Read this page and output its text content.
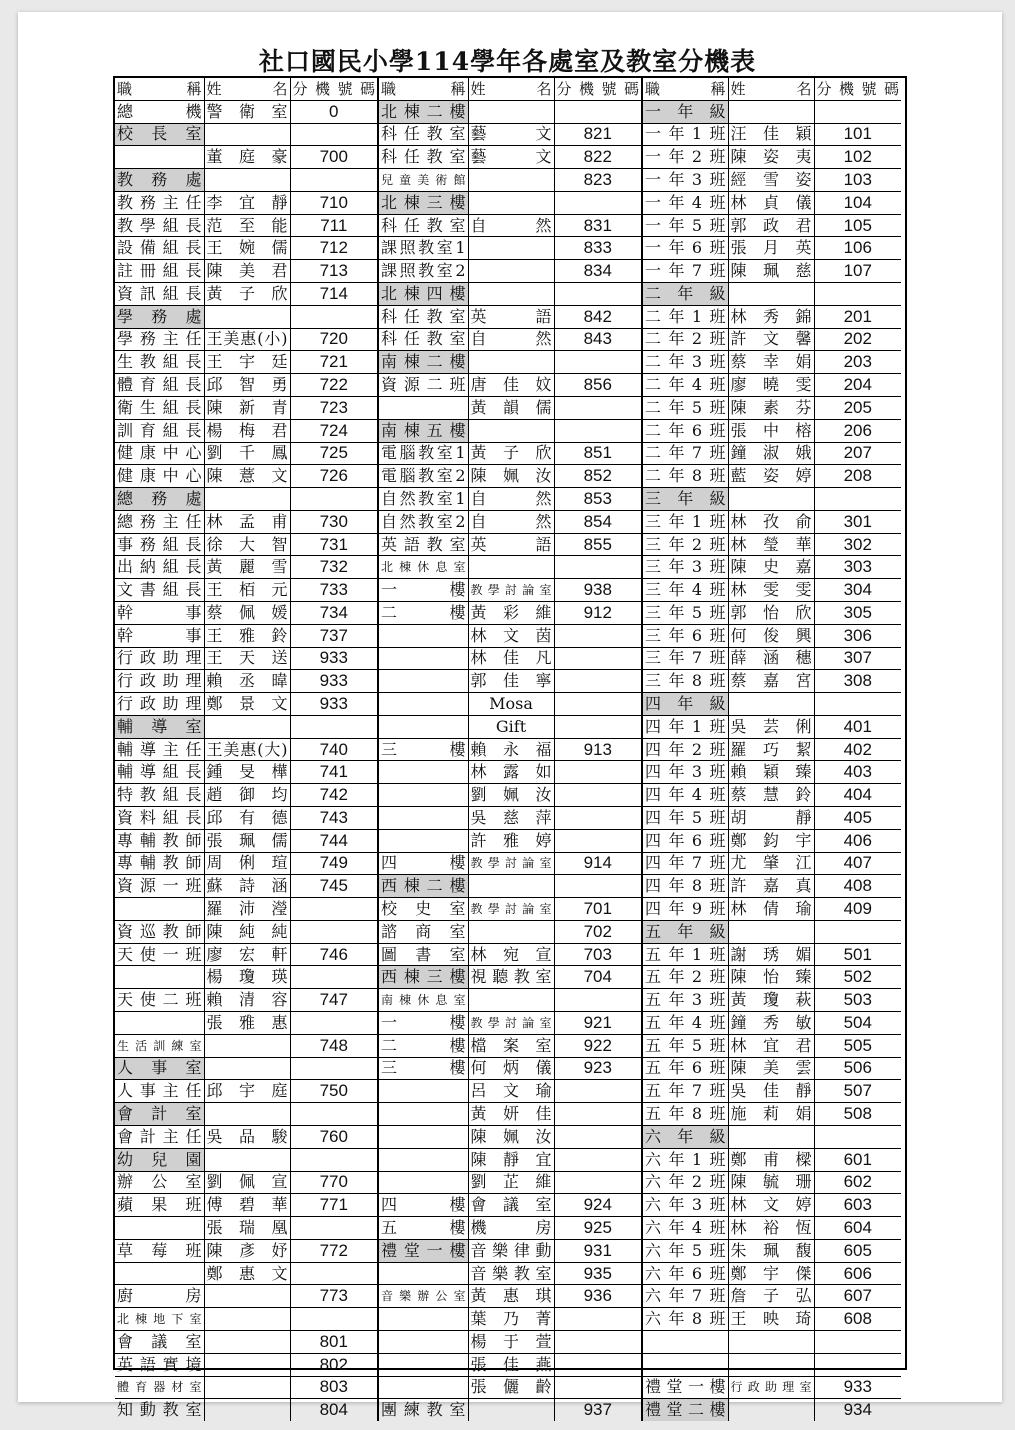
社口國民小學114學年各處室及教室分機表
職 稱	姓 名	分機號碼
總 機	警 衛 室	0
校 長 室		
	董 庭 豪	700
教 務 處		
教務主任	李 宜 靜	710
教學組長	范 至 能	711
設備組長	王 婉 儒	712
註冊組長	陳 美 君	713
資訊組長	黃 子 欣	714
學 務 處		
學務主任	王美惠(小)	720
生教組長	王 宇 廷	721
體育組長	邱 智 勇	722
衛生組長	陳 新 青	723
訓育組長	楊 梅 君	724
健康中心	劉 千 鳳	725
健康中心	陳 薏 文	726
總 務 處		
總務主任	林 孟 甫	730
事務組長	徐 大 智	731
出納組長	黃 麗 雪	732
文書組長	王 栢 元	733
幹 事	蔡 佩 媛	734
幹 事	王 雅 鈴	737
行政助理	王 天 送	933
行政助理	賴 丞 暐	933
行政助理	鄭 景 文	933
輔 導 室		
輔導主任	王美惠(大)	740
輔導組長	鍾 旻 樺	741
特教組長	趙 御 均	742
資料組長	邱 有 德	743
專輔教師	張 珮 儒	744
專輔教師	周 俐 瑄	749
資源一班	蘇 詩 涵	745
	羅 沛 瀅	
資巡教師	陳 純 純	
天使一班	廖 宏 軒	746
	楊 瓊 瑛	
天使二班	賴 清 容	747
	張 雅 惠	
生活訓練室		748
人 事 室		
人事主任	邱 宇 庭	750
會 計 室		
會計主任	吳 品 駿	760
幼 兒 園		
辦 公 室	劉 佩 宣	770
蘋 果 班	傅 碧 華	771
	張 瑞 凰	
草 莓 班	陳 彥 妤	772
	鄭 惠 文	
廚 房		773
北棟地下室		
會 議 室		801
英語實境		802
體育器材室		803
知動教室		804
職 稱	姓 名	分機號碼
北棟二樓		
科任教室	藝 文	821
科任教室	藝 文	822
兒童美術館		823
北棟三樓		
科任教室	自 然	831
課照教室1		833
課照教室2		834
北棟四樓		
科任教室	英 語	842
科任教室	自 然	843
南棟二樓		
資源二班	唐 佳 妏	856
	黃 韻 儒	
南棟五樓		
電腦教室1	黃 子 欣	851
電腦教室2	陳 姵 汝	852
自然教室1	自 然	853
自然教室2	自 然	854
英語教室	英 語	855
北棟休息室		
一 樓	教學討論室	938
二 樓	黃 彩 維	912
	林 文 茵	
	林 佳 凡	
	郭 佳 寧	
	Mosa	
	Gift	
三 樓	賴 永 福	913
	林 露 如	
	劉 姵 汝	
	吳 慈 萍	
	許 雅 婷	
四 樓	教學討論室	914
西棟二樓		
校 史 室	教學討論室	701
諮 商 室		702
圖 書 室	林 宛 宣	703
西棟三樓	視聽教室	704
南棟休息室		
一 樓	教學討論室	921
二 樓	檔 案 室	922
三 樓	何 炳 儀	923
	呂 文 瑜	
	黃 妍 佳	
	陳 姵 汝	
	陳 靜 宜	
	劉 芷 維	
四 樓	會 議 室	924
五 樓	機 房	925
禮堂一樓	音樂律動	931
	音樂教室	935
音樂辦公室	黃 惠 琪	936
	葉 乃 菁	
	楊 于 萱	
	張 佳 燕	
	張 儷 齡	
團練教室		937
職 稱	姓 名	分機號碼
一 年 級		
一年1班	汪 佳 穎	101
一年2班	陳 姿 夷	102
一年3班	經 雪 姿	103
一年4班	林 貞 儀	104
一年5班	郭 政 君	105
一年6班	張 月 英	106
一年7班	陳 珮 慈	107
二 年 級		
二年1班	林 秀 錦	201
二年2班	許 文 馨	202
二年3班	蔡 幸 娟	203
二年4班	廖 曉 雯	204
二年5班	陳 素 芬	205
二年6班	張 中 榕	206
二年7班	鐘 淑 娥	207
二年8班	藍 姿 婷	208
三 年 級		
三年1班	林 孜 俞	301
三年2班	林 瑩 華	302
三年3班	陳 史 嘉	303
三年4班	林 雯 雯	304
三年5班	郭 怡 欣	305
三年6班	何 俊 興	306
三年7班	薛 涵 穗	307
三年8班	蔡 嘉 宮	308
四 年 級		
四年1班	吳 芸 俐	401
四年2班	羅 巧 絜	402
四年3班	賴 穎 臻	403
四年4班	蔡 慧 鈴	404
四年5班	胡 靜	405
四年6班	鄭 鈞 宇	406
四年7班	尤 肇 江	407
四年8班	許 嘉 真	408
四年9班	林 倩 瑜	409
五 年 級		
五年1班	謝 琇 媚	501
五年2班	陳 怡 臻	502
五年3班	黃 瓊 萩	503
五年4班	鐘 秀 敏	504
五年5班	林 宜 君	505
五年6班	陳 美 雲	506
五年7班	吳 佳 靜	507
五年8班	施 莉 娟	508
六 年 級		
六年1班	鄭 甫 樑	601
六年2班	陳 毓 珊	602
六年3班	林 文 婷	603
六年4班	林 裕 恆	604
六年5班	朱 珮 馥	605
六年6班	鄭 宇 傑	606
六年7班	詹 子 弘	607
六年8班	王 映 琦	608

禮堂一樓	行政助理室	933
禮堂二樓		934
